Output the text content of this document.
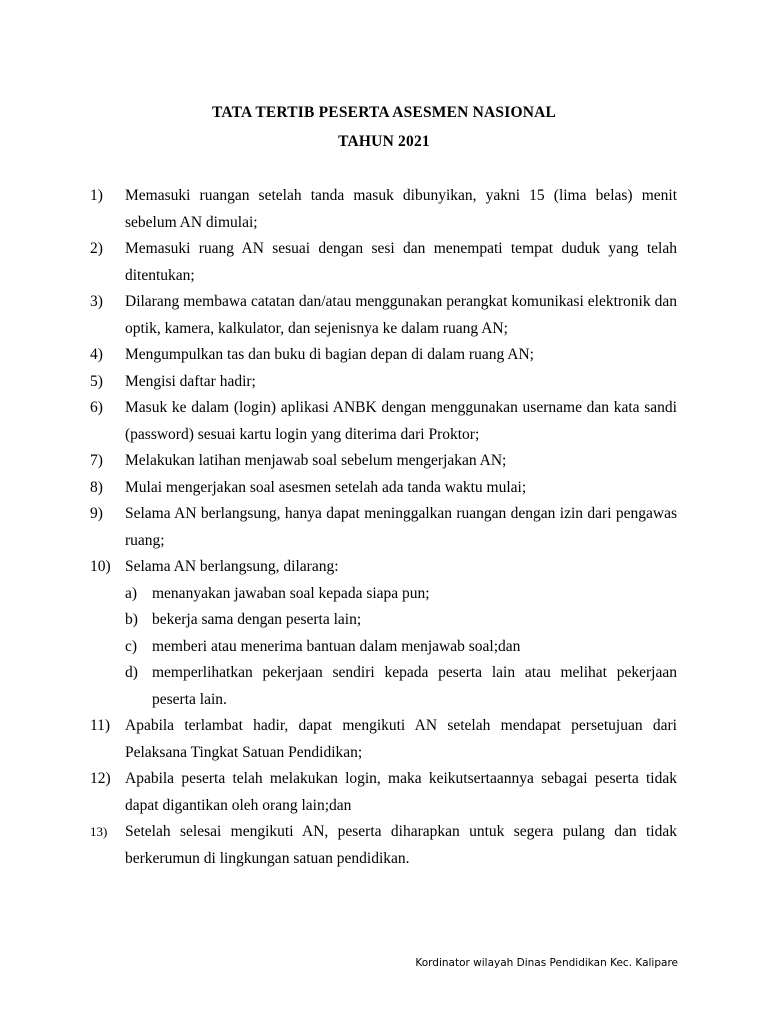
TATA TERTIB PESERTA ASESMEN NASIONAL
TAHUN 2021
1) Memasuki ruangan setelah tanda masuk dibunyikan, yakni 15 (lima belas) menit sebelum AN dimulai;
2) Memasuki ruang AN sesuai dengan sesi dan menempati tempat duduk yang telah ditentukan;
3) Dilarang membawa catatan dan/atau menggunakan perangkat komunikasi elektronik dan optik, kamera, kalkulator, dan sejenisnya ke dalam ruang AN;
4) Mengumpulkan tas dan buku di bagian depan di dalam ruang AN;
5) Mengisi daftar hadir;
6) Masuk ke dalam (login) aplikasi ANBK dengan menggunakan username dan kata sandi (password) sesuai kartu login yang diterima dari Proktor;
7) Melakukan latihan menjawab soal sebelum mengerjakan AN;
8) Mulai mengerjakan soal asesmen setelah ada tanda waktu mulai;
9) Selama AN berlangsung, hanya dapat meninggalkan ruangan dengan izin dari pengawas ruang;
10) Selama AN berlangsung, dilarang:
a) menanyakan jawaban soal kepada siapa pun;
b) bekerja sama dengan peserta lain;
c) memberi atau menerima bantuan dalam menjawab soal;dan
d) memperlihatkan pekerjaan sendiri kepada peserta lain atau melihat pekerjaan peserta lain.
11) Apabila terlambat hadir, dapat mengikuti AN setelah mendapat persetujuan dari Pelaksana Tingkat Satuan Pendidikan;
12) Apabila peserta telah melakukan login, maka keikutsertaannya sebagai peserta tidak dapat digantikan oleh orang lain;dan
13) Setelah selesai mengikuti AN, peserta diharapkan untuk segera pulang dan tidak berkerumun di lingkungan satuan pendidikan.
Kordinator wilayah Dinas Pendidikan Kec. Kalipare
